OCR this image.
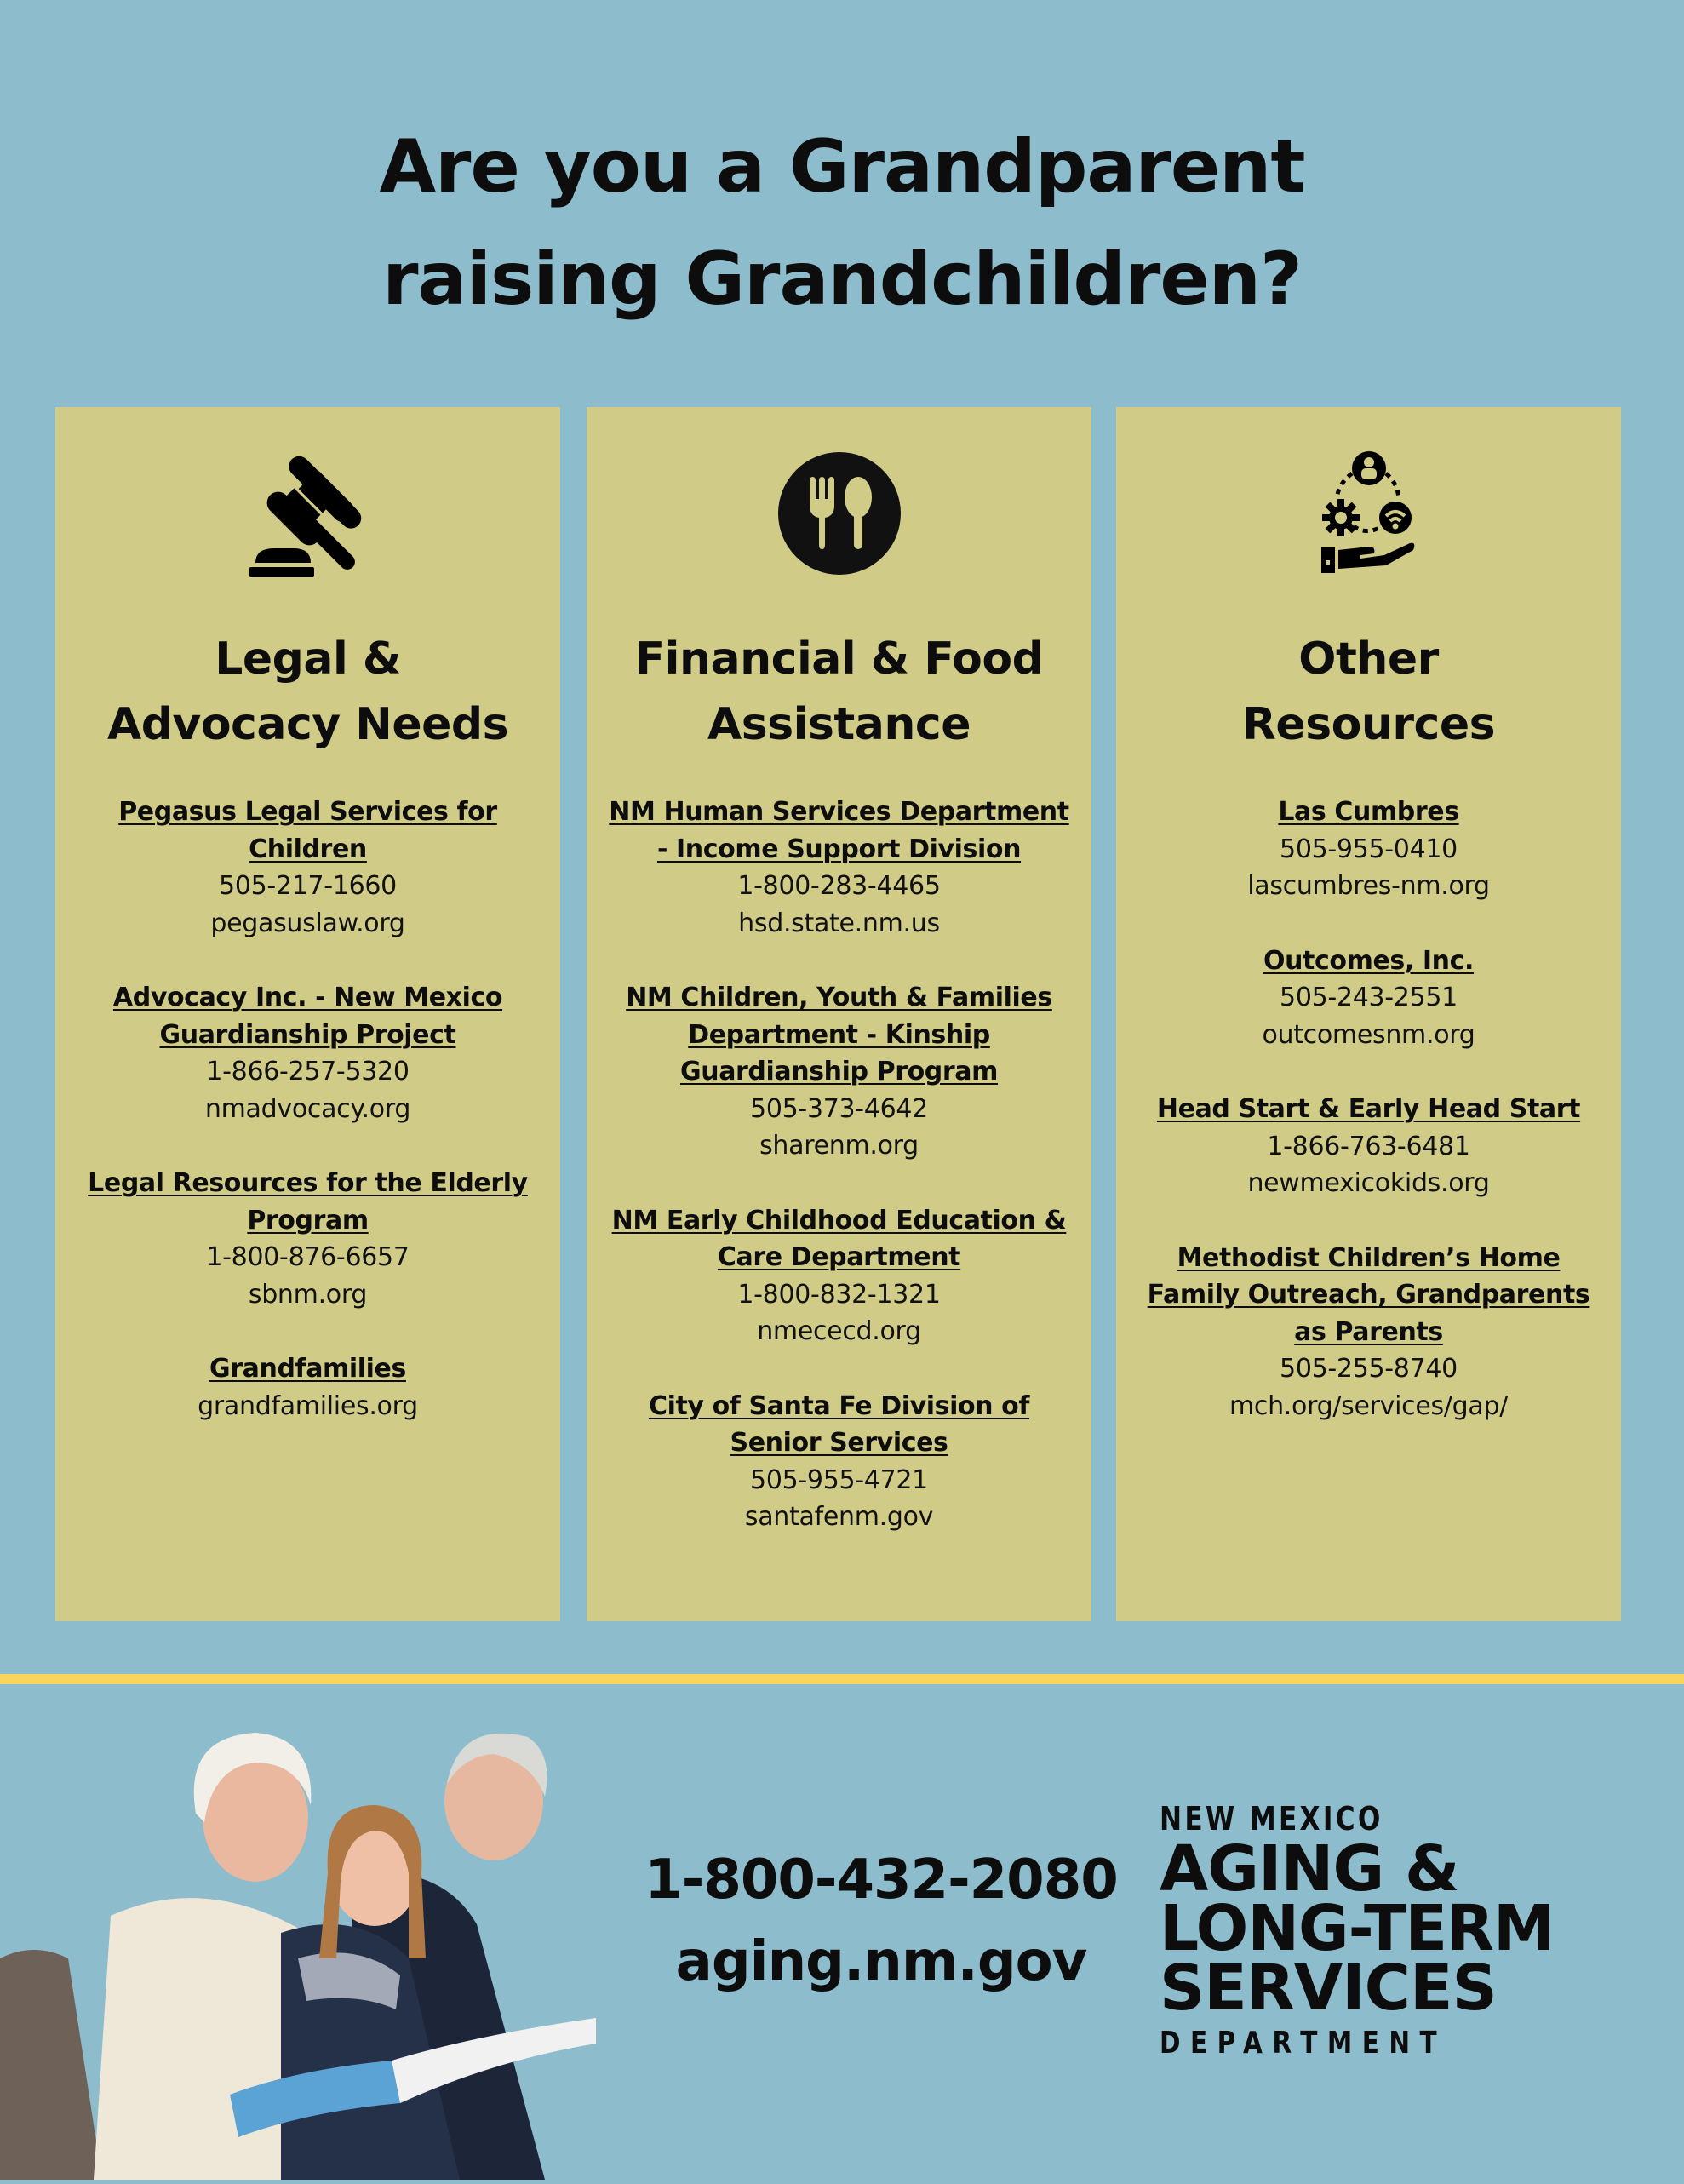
Are you a Grandparent
raising Grandchildren?
Legal &
Advocacy Needs
Pegasus Legal Services for Children
505-217-1660
pegasuslaw.org
Advocacy Inc. - New Mexico Guardianship Project
1-866-257-5320
nmadvocacy.org
Legal Resources for the Elderly Program
1-800-876-6657
sbnm.org
Grandfamilies
grandfamilies.org
Financial & Food
Assistance
NM Human Services Department - Income Support Division
1-800-283-4465
hsd.state.nm.us
NM Children, Youth & Families Department - Kinship Guardianship Program
505-373-4642
sharenm.org
NM Early Childhood Education & Care Department
1-800-832-1321
nmececd.org
City of Santa Fe Division of Senior Services
505-955-4721
santafenm.gov
Other
Resources
Las Cumbres
505-955-0410
lascumbres-nm.org
Outcomes, Inc.
505-243-2551
outcomesnm.org
Head Start & Early Head Start
1-866-763-6481
newmexicokids.org
Methodist Children’s Home Family Outreach, Grandparents as Parents
505-255-8740
mch.org/services/gap/
1-800-432-2080
aging.nm.gov
NEW MEXICO
AGING &
LONG-TERM
SERVICES
DEPARTMENT
